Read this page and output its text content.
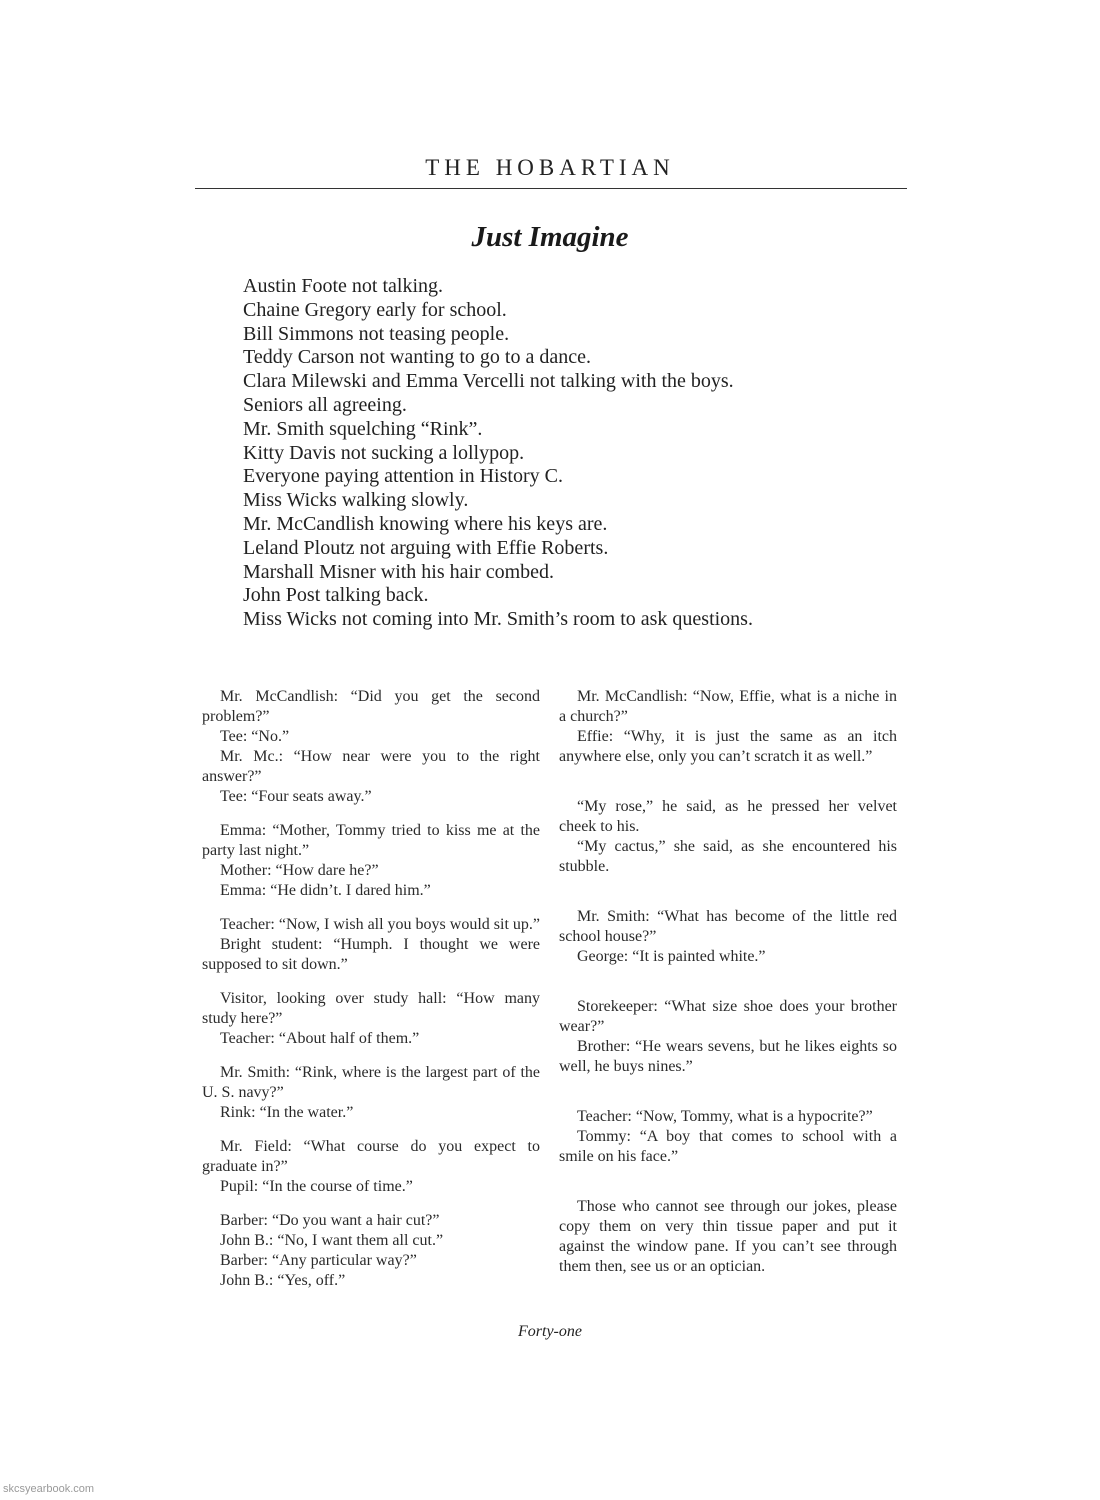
THE HOBARTIAN
Just Imagine
Austin Foote not talking.
Chaine Gregory early for school.
Bill Simmons not teasing people.
Teddy Carson not wanting to go to a dance.
Clara Milewski and Emma Vercelli not talking with the boys.
Seniors all agreeing.
Mr. Smith squelching “Rink”.
Kitty Davis not sucking a lollypop.
Everyone paying attention in History C.
Miss Wicks walking slowly.
Mr. McCandlish knowing where his keys are.
Leland Ploutz not arguing with Effie Roberts.
Marshall Misner with his hair combed.
John Post talking back.
Miss Wicks not coming into Mr. Smith’s room to ask questions.

Mr. McCandlish: “Did you get the second problem?”

Tee: “No.”

Mr. Mc.: “How near were you to the right answer?”

Tee: “Four seats away.”

Emma: “Mother, Tommy tried to kiss me at the party last night.”

Mother: “How dare he?”

Emma: “He didn’t. I dared him.”

Teacher: “Now, I wish all you boys would sit up.”

Bright student: “Humph. I thought we were supposed to sit down.”

Visitor, looking over study hall: “How many study here?”

Teacher: “About half of them.”

Mr. Smith: “Rink, where is the largest part of the U. S. navy?”

Rink: “In the water.”

Mr. Field: “What course do you expect to graduate in?”

Pupil: “In the course of time.”

Barber: “Do you want a hair cut?”

John B.: “No, I want them all cut.”

Barber: “Any particular way?”

John B.: “Yes, off.”

Mr. McCandlish: “Now, Effie, what is a niche in a church?”

Effie: “Why, it is just the same as an itch anywhere else, only you can’t scratch it as well.”

“My rose,” he said, as he pressed her velvet cheek to his.

“My cactus,” she said, as she encountered his stubble.

Mr. Smith: “What has become of the little red school house?”

George: “It is painted white.”

Storekeeper: “What size shoe does your brother wear?”

Brother: “He wears sevens, but he likes eights so well, he buys nines.”

Teacher: “Now, Tommy, what is a hypocrite?”

Tommy: “A boy that comes to school with a smile on his face.”

Those who cannot see through our jokes, please copy them on very thin tissue paper and put it against the window pane. If you can’t see through them then, see us or an optician.

Forty-one
skcsyearbook.com
